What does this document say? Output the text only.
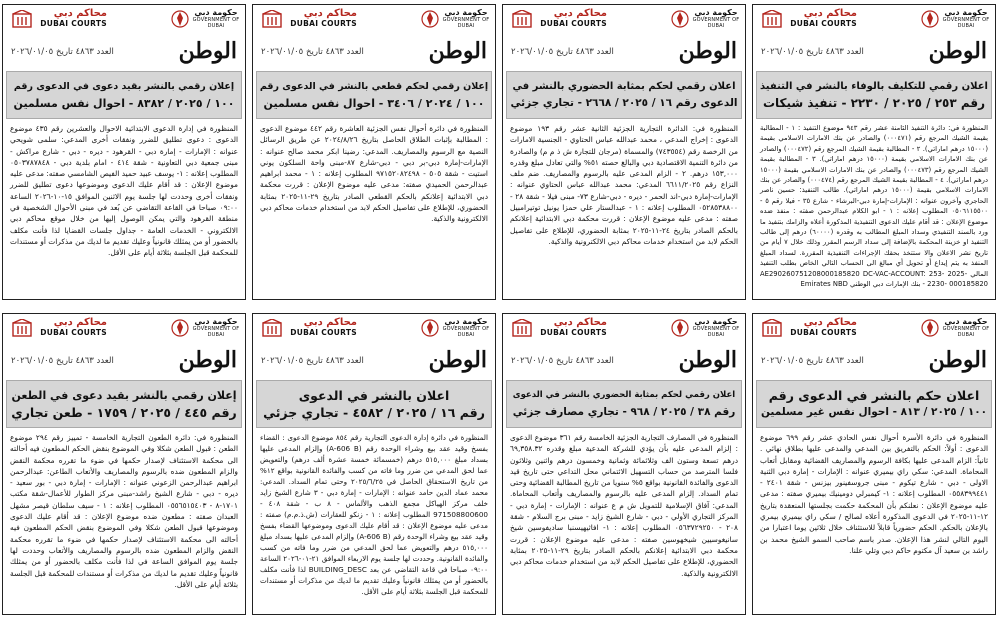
حكومة دبي
GOVERNMENT OF DUBAI
محاكم دبي
DUBAI COURTS
الوطن
العدد ٤٨٦٣ تاريخ ٢٠٢٦/٠١/٠٥
اعلان رقمي للتكليف بالوفاء بالنشر في التنفيذ
رقم ٢٥٣ / ٢٠٢٥ / ٢٢٣٠ - تنفيذ شيكات

المنظورة في: دائرة التنفيذ الثامنة عشر رقم ٩٤٣ موضوع التنفيذ : ١ - المطالبة بقيمة الشيك المرجع رقم (٠٠٠٤٧١) والصادر عن بنك الامارات الاسلامي بقيمة (١٥٠٠٠ درهم اماراتي). ٢ - المطالبة بقيمة الشيك المرجع رقم (٠٠٠٤٧٢) والصادر عن بنك الامارات الاسلامي بقيمة (١٥٠٠٠ درهم اماراتي). ٣ - المطالبة بقيمة الشيك المرجع رقم (٠٠٠٤٧٣) والصادر عن بنك الامارات الاسلامي بقيمة (١٥٠٠٠ درهم اماراتي). ٤ - المطالبة بقيمة الشيك المرجع رقم (٠٠٠٤٧٤) والصادر عن بنك الامارات الاسلامي بقيمة (١٥٠٠٠ درهم اماراتي). طالب التنفيذ: حسين ناصر الحاجري وآخرون عنوانه : الإمارات-إمارة دبي-البرشاء - شارع ٣٥ - فيلا رقم ٥ - ٠٥٠٦١١٥٥٠٠ المطلوب إعلانه : ١ - ابو الكلام عبدالرحمن صفته : منفذ ضده موضوع الإعلان : قد أقام عليك الدعوى التنفيذية المذكورة أعلاه والزامك بتنفيذ ما ورد بالسند التنفيذي وسداد المبلغ المطالب به وقدره (٦٠٠٠٠) درهم إلى طالب التنفيذ او خزينة المحكمة بالإضافة إلى سداد الرسم المقرر وذلك خلال ٧ أيام من تاريخ نشر الاعلان والا ستتخذ بحقك الإجراءات التنفيذية المقررة. لسداد المبلغ المنفذ به يتم إيداع أو تحويل أي مبالغ الى الحساب التالي الخاص بطلب التنفيذ المالي AE290260751208000185820 DC-VAC-ACCOUNT: 253- 2025- 2230- 000185820 - بنك الإمارات دبي الوطني Emirates NBD

حكومة دبي
GOVERNMENT OF DUBAI
محاكم دبي
DUBAI COURTS
الوطن
العدد ٤٨٦٣ تاريخ ٢٠٢٦/٠١/٠٥
اعلان رقمي لحكم بمثابة الحضوري بالنشر في
الدعوى رقم ١٦ / ٢٠٢٥ / ٢٦٦٨ - تجاري جزئي

المنظورة في: الدائرة التجارية الجزئية الثانية عشر رقم ١٩٣ موضوع الدعوى : إخراج المدعي ، محمد عبدالله عباس الحتاوي - الجنسية الامارات من الرخصة رقم (٧٤٣٥٥٤) والمسماة (مرجان للتجارة ش ذ م م) والصادرة من دائرة التنمية الاقتصادية دبي والبالغ حصته ٥١% والتي تعادل مبلغ وقدره ١٥٣,٠٠٠ درهم. ٢ - الزام المدعى عليه بالرسوم والمصاريف. ضم ملف النزاع رقم ٦٦١١/٢٠٢٥ المدعي: محمد عبدالله عباس الحتاوي عنوانه : الإمارات-إمارة دبي-اند الحمر - ديره - دبي-شارع ٧٣- مبنى فيلا - شقة ٢٨ - ٠٥٢٨٥٣٨٨٠٠ المطلوب إعلانه : ١ - عبدالستار علي حمزا يونيل توتيرامبيل صفته : مدعى عليه موضوع الإعلان : قررت محكمة دبي الابتدائية إعلانكم بالحكم الصادر بتاريخ ٢٤-١١-٢٠٢٥ بمثابة الحضوري، للإطلاع على تفاصيل الحكم لابد من استخدام خدمات محاكم دبي الالكترونية والذكية.

حكومة دبي
GOVERNMENT OF DUBAI
محاكم دبي
DUBAI COURTS
الوطن
العدد ٤٨٦٣ تاريخ ٢٠٢٦/٠١/٠٥
إعلان رقمي لحكم قطعي بالنشر في الدعوى رقم
١٠٠ / ٢٠٢٤ / ٣٤٠٦ - احوال نفس مسلمين

المنظورة في دائرة أحوال نفس الجزئية العاشرة رقم ٤٤٢ موضوع الدعوى : المطالبة بإثبات الطلاق الحاصل بتاريخ ٢٠٢٤/٨/٢٦ عن طريق الرسائل النصية مع الرسوم والمصاريف. المدعي: رضينا ابكر محمد صالح عنوانه : الإمارات-إمارة دبي-بر دبي - دبي-شارع ٨٧-مبنى واحة السلكون يوني استيت - شقة ٥٠٥ - ٩٧١٥٢٠٨٢٤٩٨ المطلوب إعلانه : ١ - محمد ابراهيم عبدالرحمن الحميدي صفته: مدعى عليه موضوع الإعلان : قررت محكمة دبي الابتدائية إعلانكم بالحكم القطعي الصادر بتاريخ ٢٩-١١-٢٠٢٥ بمثابة الحضوري، للإطلاع على تفاصيل الحكم لابد من استخدام خدمات محاكم دبي الالكترونية والذكية.

حكومة دبي
GOVERNMENT OF DUBAI
محاكم دبي
DUBAI COURTS
الوطن
العدد ٤٨٦٣ تاريخ ٢٠٢٦/٠١/٠٥
إعلان رقمي بالنشر بقيد دعوى في الدعوى رقم
١٠٠ / ٢٠٢٥ / ٨٣٨٢ - احوال نفس مسلمين

المنظورة في إدارة الدعوى الابتدائية الاحوال والعشرين رقم ٤٣٥ موضوع الدعوى : دعوى تطليق للضرر ونفقات أخرى المدعي: سلمى شويحي عنوانه : الإمارات - إمارة دبي - القرهود - ديره - دبي - شارع مراكش - مبنى جمعية دبي التعاونية - شقة ٤١٤ - امام بلدية دبي - ٠٥٠٣٧٨٧٨٤٨ المطلوب إعلانه : ١- يوسف عبيد حميد الفيص الشامسي صفته: مدعى عليه موضوع الإعلان : قد أقام عليك الدعوى وموضوعها دعوى تطليق للضرر ونفقات أخرى وحددت لها جلسة يوم الاثنين الموافق ١٥-١٠-٢٠٢٦ الساعة ٠٩:٠٠ صباحا في القاعة التقاضي عن بُعد في مبنى الأحوال الشخصية في منطقة القرهود والتي يمكن الوصول إليها من خلال موقع محاكم دبي الالكتروني - الخدمات العامة - جداول جلسات القضايا لذا فأنت مكلف بالحضور أو من يمثلك قانونياً وعليك تقديم ما لديك من مذكرات أو مستندات للمحكمة قبل الجلسة بثلاثة أيام على الأقل.

حكومة دبي
GOVERNMENT OF DUBAI
محاكم دبي
DUBAI COURTS
الوطن
العدد ٤٨٦٣ تاريخ ٢٠٢٦/٠١/٠٥
اعلان حكم بالنشر في الدعوى رقم
١٠٠ / ٢٠٢٥ / ٨١٣ - احوال نفس غير مسلمين

المنظورة في دائرة الأسرة أحوال نفس الحادي عشر رقم ٦٩٩ موضوع الدعوى : أولاً: الحكم بالتفريق بين المدعي والمدعى عليها بطلاق نهائي . ثانياً: الزام المدعى عليها بكافة الرسوم والمصاريف القضائية ومقابل أتعاب المحاماة. المدعي: سكي راي بيميري عنوانه : الإمارات - إمارة دبي الثنية الاولى - دبي - شارع تيكوم - مبنى جروسفينور بيزنس - شقة ٢٤٠١ - ٠٥٥٨٣٩٩٤٤١ المطلوب إعلانه : ١- كيمبرلي دومينيك بيميري صفته : مدعى عليه موضوع الإعلان : نعلنكم بأن المحكمة حكمت بجلستها المنعقدة بتاريخ ١٢-١١-٢٠٢٥ في الدعوى المذكورة أعلاه لصالح / سكي راي بيميري بيمري بالإعلان بالحكم. الحكم حضورياً قابلاً للاستئناف خلال ثلاثين يوما اعتبارا من اليوم التالي لنشر هذا الإعلان. صدر باسم صاحب السمو الشيخ محمد بن راشد بن سعيد آل مكتوم حاكم دبي وتلي علنا.

حكومة دبي
GOVERNMENT OF DUBAI
محاكم دبي
DUBAI COURTS
الوطن
العدد ٤٨٦٣ تاريخ ٢٠٢٦/٠١/٠٥
اعلان رقمي لحكم بمثابة الحضوري بالنشر في الدعوى
رقم ٣٨ / ٢٠٢٥ / ٩٦٨ - تجاري مصارف جزئي

المنظورة في المصارف التجارية الجزئية الخامسة رقم ٣٦١ موضوع الدعوى : إلزام المدعى عليه بأن يؤدي للشركة المدعية مبلغ وقدره ٦٩,٣٥٨.٣٢ درهم تسعة وستون الف وثلاثمائة وثمانية وخمسون درهم واثنين وثلاثون فلسا المترصد من حساب التسهيل الائتماني محل التداعي حتى تاريخ قيد الدعوى والفائدة القانونية بواقع ٥% سنويا من تاريخ المطالبة القضائية وحتى تمام السداد. إلزام المدعى عليه بالرسوم والمصاريف وأتعاب المحاماة. المدعي: آفاق الإسلامية للتمويل ش م ع عنوانه : الإمارات - إمارة دبي - المركز التجاري الأولي - دبي - شارع الشيخ زايد - مبنى برج السلام - شقة ٢٠٨ - ٠٥٦٣٧٢٩٢٥٠ المطلوب إعلانه : ١- افاثيهيسنبا ساديفوسين شيخ سانيغوسيين شيخهوسين صفته : مدعى عليه موضوع الإعلان : قررت محكمة دبي الابتدائية إعلانكم بالحكم الصادر بتاريخ ٢٩-١١-٢٠٢٥ بمثابة الحضوري، للإطلاع على تفاصيل الحكم لابد من استخدام خدمات محاكم دبي الالكترونية والذكية.

حكومة دبي
GOVERNMENT OF DUBAI
محاكم دبي
DUBAI COURTS
الوطن
العدد ٤٨٦٣ تاريخ ٢٠٢٦/٠١/٠٥
اعلان بالنشر في الدعوى
رقم ١٦ / ٢٠٢٥ / ٤٥٨٢ - تجاري جزئي

المنظورة في دائرة إدارة الدعوى التجارية رقم ٨٥٤ موضوع الدعوى : القضاء بفسخ وقيد عقد بيع وشراء الوحدة رقم (A-606 B) وإلزام المدعى عليها بسداد مبلغ ٥١٥,٠٠٠ درهم (خمسمائة خمسة عشرة ألف درهم) والتعويض عما لحق المدعي من ضرر وما فاته من كسب والفائدة القانونية بواقع ١٢% من تاريخ الاستحقاق الحاصل في ٢٠٢٥/٦/٢٥ وحتى تمام السداد. المدعي: محمد عماد الدين حامد عنوانه : الإمارات - إمارة دبي - ٣ شارع الشيخ زايد خلف مركز الهياكل مجمع الذهب والألماس - ٨ ب - شقة ٤٠٨ - 971508800600 المطلوب إعلانه : ١ - زنكو للعقارات (ش.ذ.م.م) صفته : مدعى عليه موضوع الإعلان : قد أقام عليك الدعوى وموضوعها القضاء بفسخ وقيد عقد بيع وشراء الوحدة رقم (A-606 B) وإلزام المدعى عليها بسداد مبلغ ٥١٥,٠٠٠ درهم والتعويض عما لحق المدعي من ضرر وما فاته من كسب والفائدة القانونية. وحددت لها جلسة يوم الاربعاء الموافق ٢١-٠١-٢٠٢٦ الساعة ٠٩:٠٠ صباحا في قاعة التقاضي عن بعد BUILDING_DESC لذا فأنت مكلف بالحضور أو من يمثلك قانونياً وعليك تقديم ما لديك من مذكرات أو مستندات للمحكمة قبل الجلسة بثلاثة أيام على الأقل.

حكومة دبي
GOVERNMENT OF DUBAI
محاكم دبي
DUBAI COURTS
الوطن
العدد ٤٨٦٣ تاريخ ٢٠٢٦/٠١/٠٥
إعلان رقمي بالنشر بقيد دعوى في الطعن
رقم ٤٤٥ / ٢٠٢٥ / ١٧٥٩ - طعن تجاري

المنظورة في: دائرة الطعون التجارية الخامسة - تمييز رقم ٢٩٤ موضوع الطعن : قبول الطعن شكلا وفي الموضوع بنقض الحكم المطعون فيه أحالته الى محكمة الاستئناف لإصدار حكمها في ضوء ما تقرره محكمة النقض والزام المطعون ضده بالرسوم والمصاريف والأتعاب الطاعن: عبدالرحمن ابراهيم عبدالرحمن الزعوني عنوانه : الإمارات - إمارة دبي - بور سعيد - ديره - دبي - شارع الشيخ راشد-مبنى مركز الطوار للأعمال-شقة مكتب ١٧٠١-٨ - ٠٥٥٦٥١٥٤٠٣ المطلوب إعلانه : ١ - سيف سلطان قيصر مشهل العبدان صفته : مطعون ضده موضوع الإعلان : قد أقام عليك الدعوى وموضوعها قبول الطعن شكلا وفي الموضوع بنقض الحكم المطعون فيه أحالته الى محكمة الاستئناف لإصدار حكمها في ضوء ما تقرره محكمة النقض والزام المطعون ضده بالرسوم والمصاريف والأتعاب وحددت لها جلسة يوم الموافق الساعة في لذا فأنت مكلف بالحضور أو من يمثلك قانونياً وعليك تقديم ما لديك من مذكرات أو مستندات للمحكمة قبل الجلسة بثلاثة أيام على الأقل.
